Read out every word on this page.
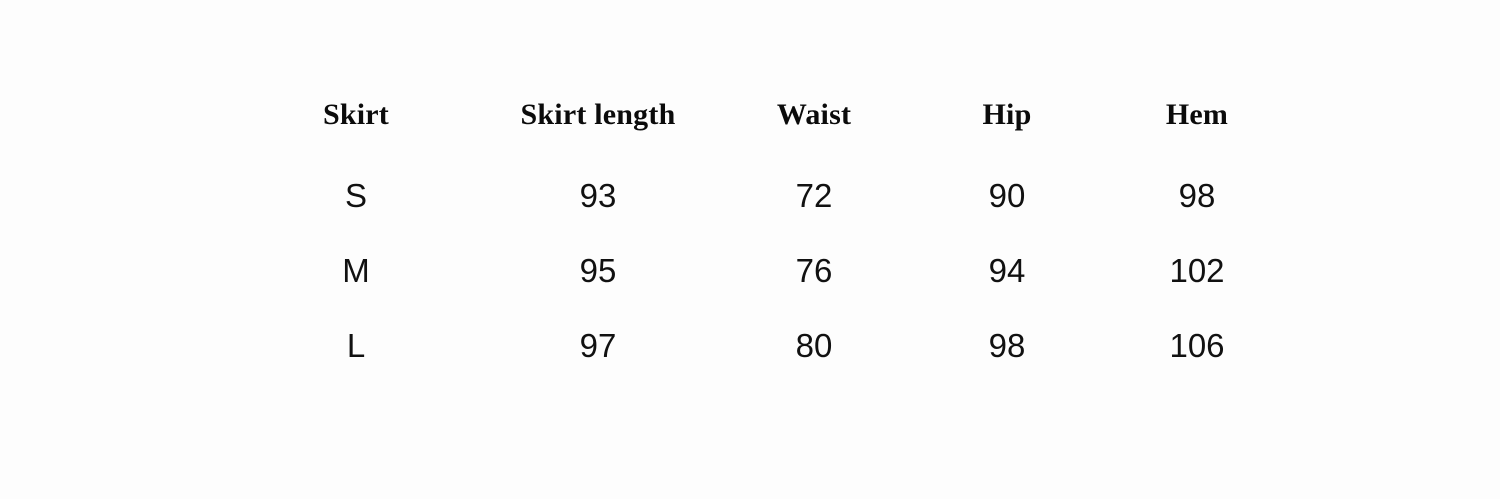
Skirt	Skirt length	Waist	Hip	Hem
S	93	72	90	98
M	95	76	94	102
L	97	80	98	106
